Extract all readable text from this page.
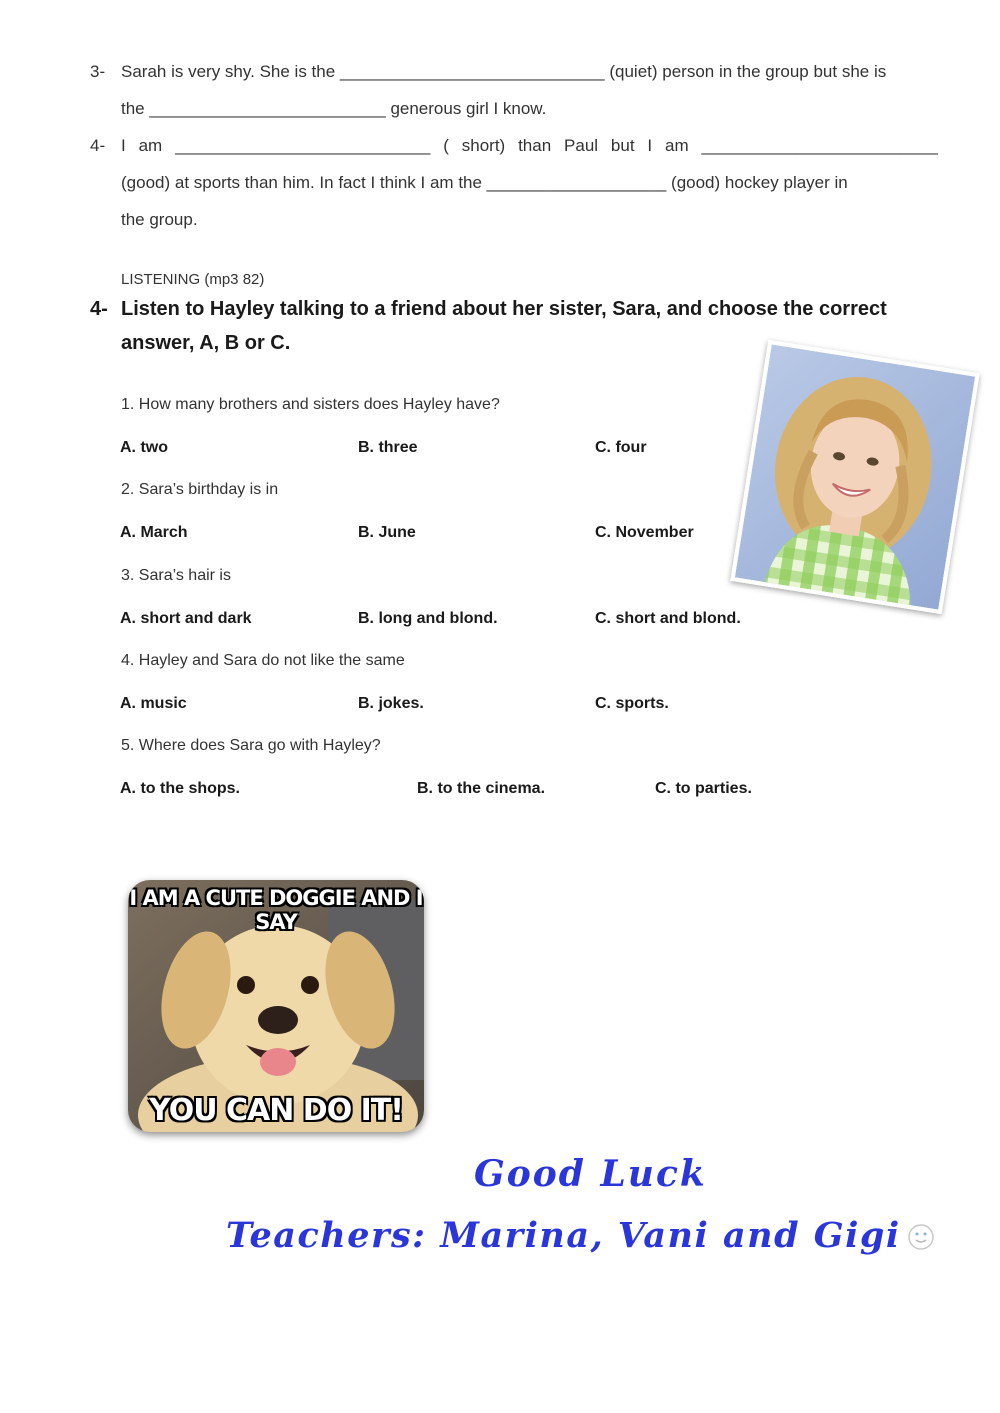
3- Sarah is very shy. She is the ____________________________ (quiet) person in the group but she is
the _________________________ generous girl I know.
4- I am ___________________________ ( short) than Paul but I am _________________________
(good) at sports than him. In fact I think I am the ___________________ (good) hockey player in
the group.
LISTENING (mp3 82)
4- Listen to Hayley talking to a friend about her sister, Sara, and choose the correct
answer, A, B or C.
1. How many brothers and sisters does Hayley have?
A. two	B. three	C. four
2. Sara’s birthday is in
A. March	B. June	C. November
3. Sara’s hair is
A. short and dark	B. long and blond.	C. short and blond.
4. Hayley and Sara do not like the same
A. music	B. jokes.	C. sports.
5. Where does Sara go with Hayley?
A. to the shops.	B. to the cinema.	C. to parties.
I AM A CUTE DOGGIE AND I SAY
YOU CAN DO IT!
Good Luck
Teachers: Marina, Vani and Gigi
